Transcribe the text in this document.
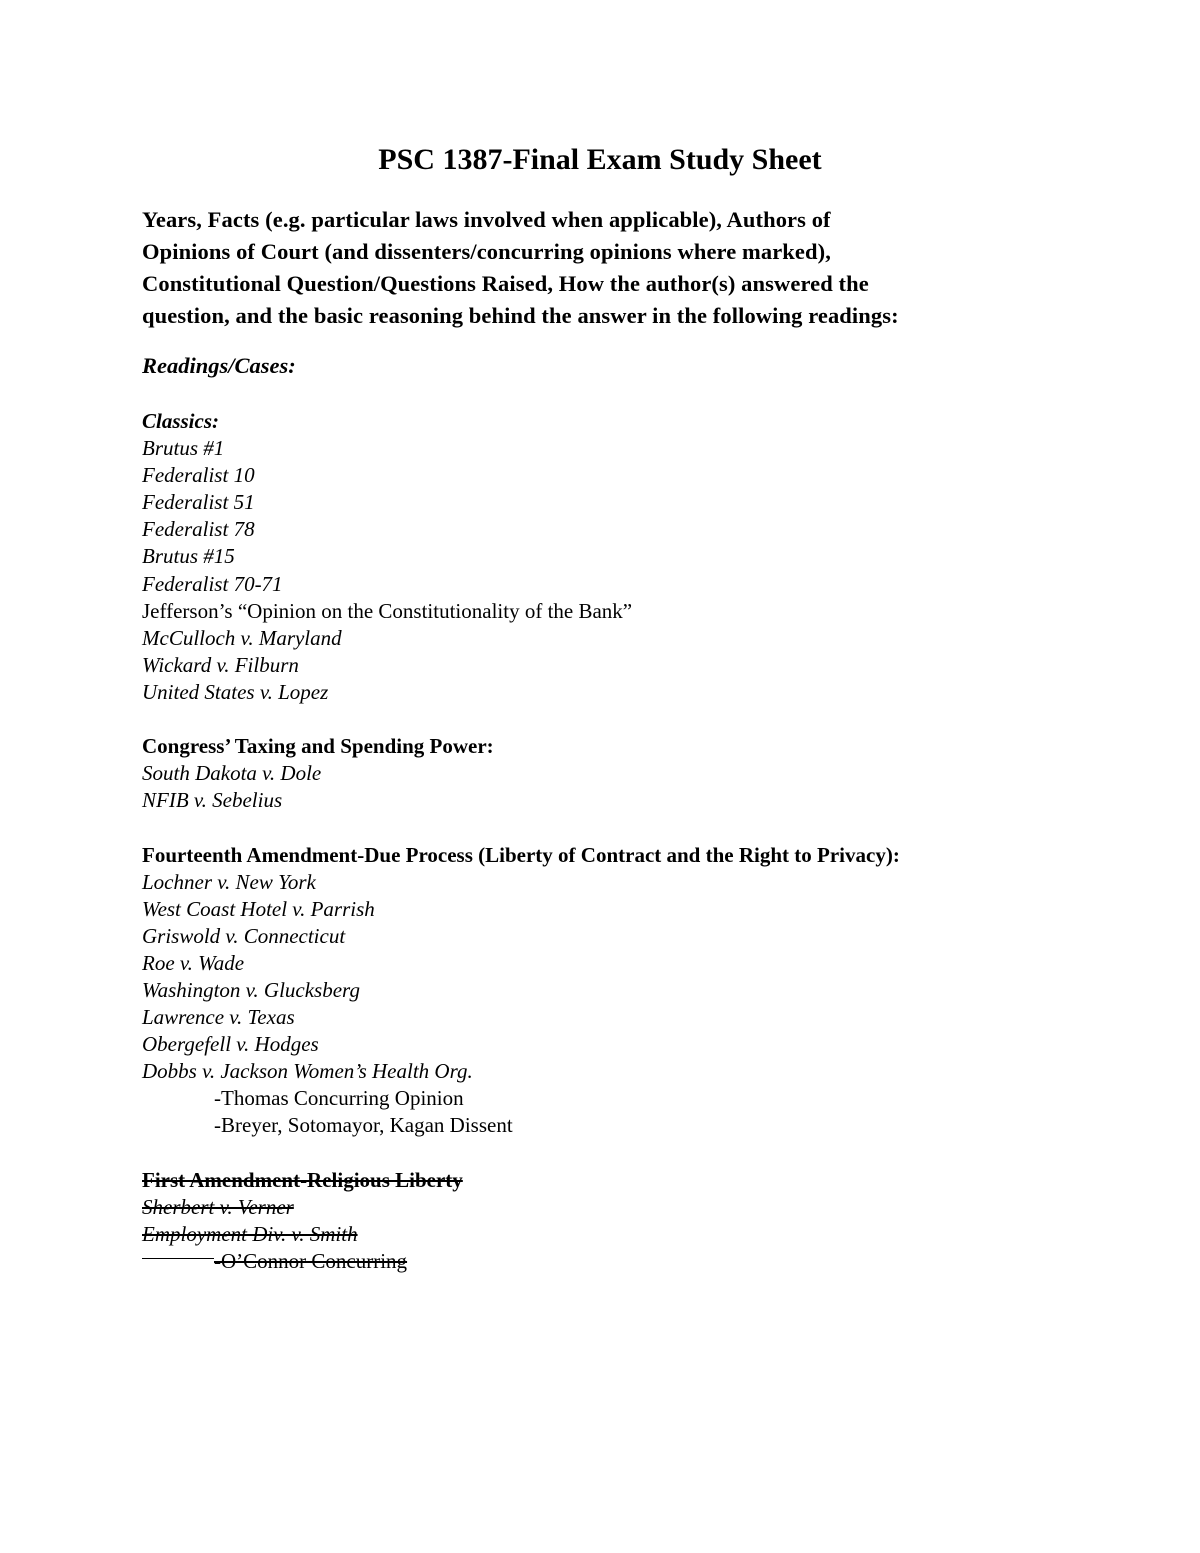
PSC 1387-Final Exam Study Sheet

Years, Facts (e.g. particular laws involved when applicable), Authors of
Opinions of Court (and dissenters/concurring opinions where marked),
Constitutional Question/Questions Raised, How the author(s) answered the
question, and the basic reasoning behind the answer in the following readings:

Readings/Cases:
Classics:
Brutus #1
Federalist 10
Federalist 51
Federalist 78
Brutus #15
Federalist 70-71
Jefferson’s “Opinion on the Constitutionality of the Bank”
McCulloch v. Maryland
Wickard v. Filburn
United States v. Lopez
Congress’ Taxing and Spending Power:
South Dakota v. Dole
NFIB v. Sebelius
Fourteenth Amendment-Due Process (Liberty of Contract and the Right to Privacy):
Lochner v. New York
West Coast Hotel v. Parrish
Griswold v. Connecticut
Roe v. Wade
Washington v. Glucksberg
Lawrence v. Texas
Obergefell v. Hodges
Dobbs v. Jackson Women’s Health Org.
-Thomas Concurring Opinion
-Breyer, Sotomayor, Kagan Dissent
First Amendment-Religious Liberty
Sherbert v. Verner
Employment Div. v. Smith
-O’Connor Concurring
